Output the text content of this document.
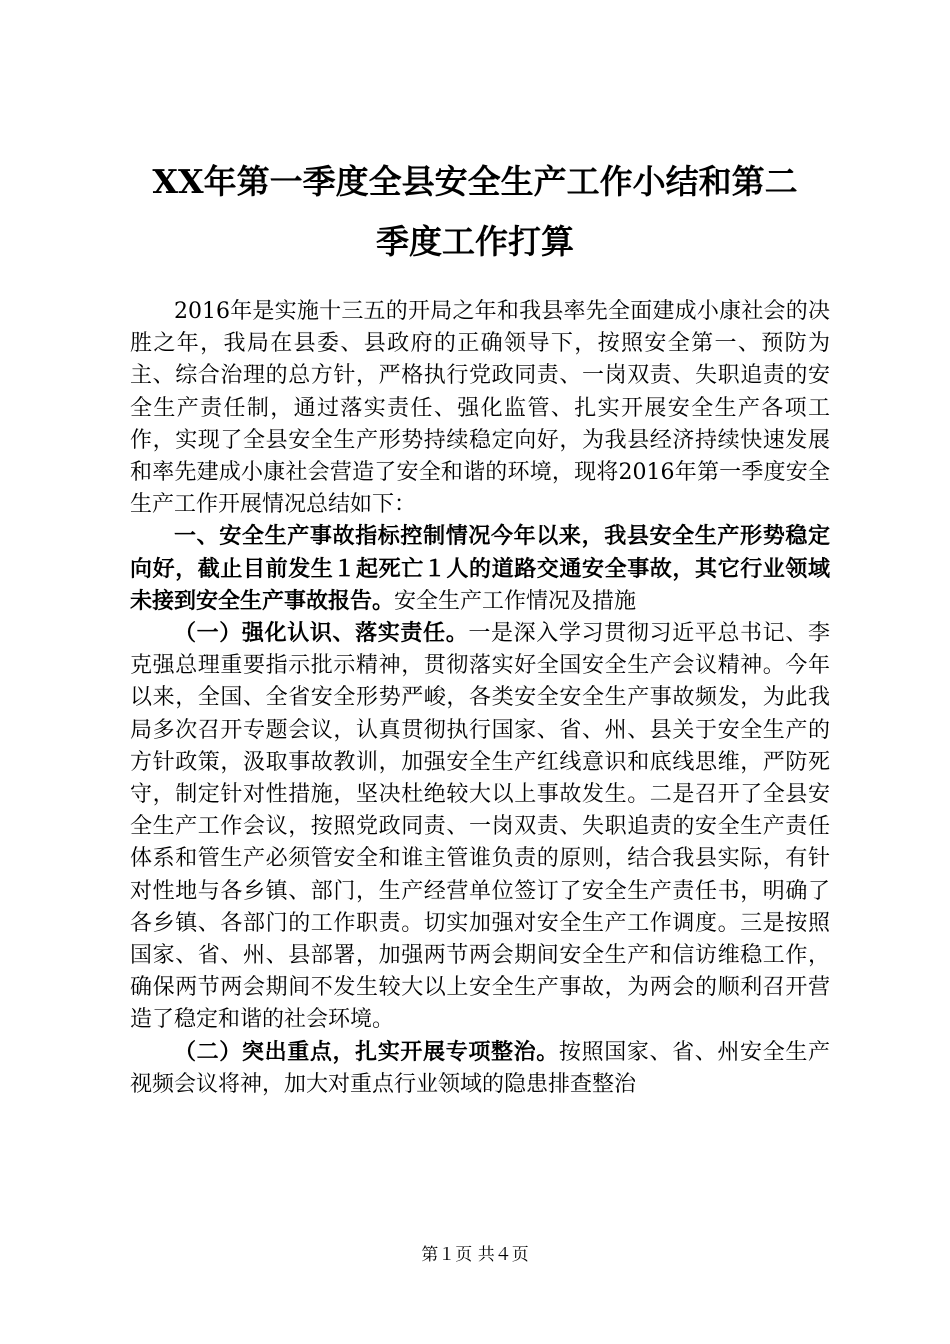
XX年第一季度全县安全生产工作小结和第二
季度工作打算

2016年是实施十三五的开局之年和我县率先全面建成小康社会的决胜之年，我局在县委、县政府的正确领导下，按照安全第一、预防为主、综合治理的总方针，严格执行党政同责、一岗双责、失职追责的安全生产责任制，通过落实责任、强化监管、扎实开展安全生产各项工作，实现了全县安全生产形势持续稳定向好，为我县经济持续快速发展和率先建成小康社会营造了安全和谐的环境，现将2016年第一季度安全生产工作开展情况总结如下：

一、安全生产事故指标控制情况今年以来，我县安全生产形势稳定向好，截止目前发生１起死亡１人的道路交通安全事故，其它行业领域未接到安全生产事故报告。安全生产工作情况及措施

（一）强化认识、落实责任。一是深入学习贯彻习近平总书记、李克强总理重要指示批示精神，贯彻落实好全国安全生产会议精神。今年以来，全国、全省安全形势严峻，各类安全安全生产事故频发，为此我局多次召开专题会议，认真贯彻执行国家、省、州、县关于安全生产的方针政策，汲取事故教训，加强安全生产红线意识和底线思维，严防死守，制定针对性措施，坚决杜绝较大以上事故发生。二是召开了全县安全生产工作会议，按照党政同责、一岗双责、失职追责的安全生产责任体系和管生产必须管安全和谁主管谁负责的原则，结合我县实际，有针对性地与各乡镇、部门，生产经营单位签订了安全生产责任书，明确了各乡镇、各部门的工作职责。切实加强对安全生产工作调度。三是按照国家、省、州、县部署，加强两节两会期间安全生产和信访维稳工作，确保两节两会期间不发生较大以上安全生产事故，为两会的顺利召开营造了稳定和谐的社会环境。

（二）突出重点，扎实开展专项整治。按照国家、省、州安全生产视频会议将神，加大对重点行业领域的隐患排查整治

第１页 共４页
